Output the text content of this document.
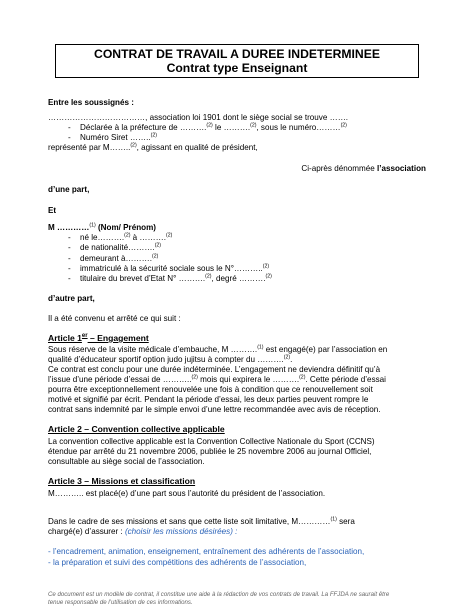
CONTRAT DE TRAVAIL A DUREE INDETERMINEE
Contrat type Enseignant
Entre les soussignés :
………………………………, association loi 1901 dont le siège social se trouve …….
- Déclarée à la préfecture de ……….$^{(2)}$ le ……….$^{(2)}$, sous le numéro………$^{(2)}$
- Numéro Siret ……..$^{(2)}$
représenté par M……..$^{(2)}$, agissant en qualité de président,
Ci-après dénommée l’association
d’une part,
Et
M …………$^{(1)}$ (Nom/ Prénom)
- né le……….$^{(2)}$ à ……….$^{(2)}$
- de nationalité……….$^{(2)}$
- demeurant à……….$^{(2)}$
- immatriculé à la sécurité sociale sous le N°………..$^{(2)}$
- titulaire du brevet d’Etat N° ……….$^{(2)}$, degré ……….$^{(2)}$
d’autre part,
Il a été convenu et arrêté ce qui suit :
Article 1er – Engagement
Sous réserve de la visite médicale d’embauche, M ……….$^{(1)}$ est engagé(e) par l’association en
qualité d’éducateur sportif option judo jujitsu à compter du ……….$^{(2)}$.
Ce contrat est conclu pour une durée indéterminée. L’engagement ne deviendra définitif qu’à
l’issue d’une période d’essai de ………..$^{(2)}$ mois qui expirera le ……….$^{(2)}$. Cette période d’essai
pourra être exceptionnellement renouvelée une fois à condition que ce renouvellement soit
motivé et signifié par écrit. Pendant la période d’essai, les deux parties peuvent rompre le
contrat sans indemnité par le simple envoi d’une lettre recommandée avec avis de réception.
Article 2 – Convention collective applicable
La convention collective applicable est la Convention Collective Nationale du Sport (CCNS)
étendue par arrêté du 21 novembre 2006, publiée le 25 novembre 2006 au journal Officiel,
consultable au siège social de l’association.
Article 3 – Missions et classification
M……….. est placé(e) d’une part sous l’autorité du président de l’association.
Dans le cadre de ses missions et sans que cette liste soit limitative, M…………$^{(1)}$ sera
chargé(e) d’assurer : (choisir les missions désirées) :
- l’encadrement, animation, enseignement, entraînement des adhérents de l’association,
- la préparation et suivi des compétitions des adhérents de l’association,
Ce document est un modèle de contrat, il constitue une aide à la rédaction de vos contrats de travail. La FFJDA ne saurait être
tenue responsable de l’utilisation de ces informations.
